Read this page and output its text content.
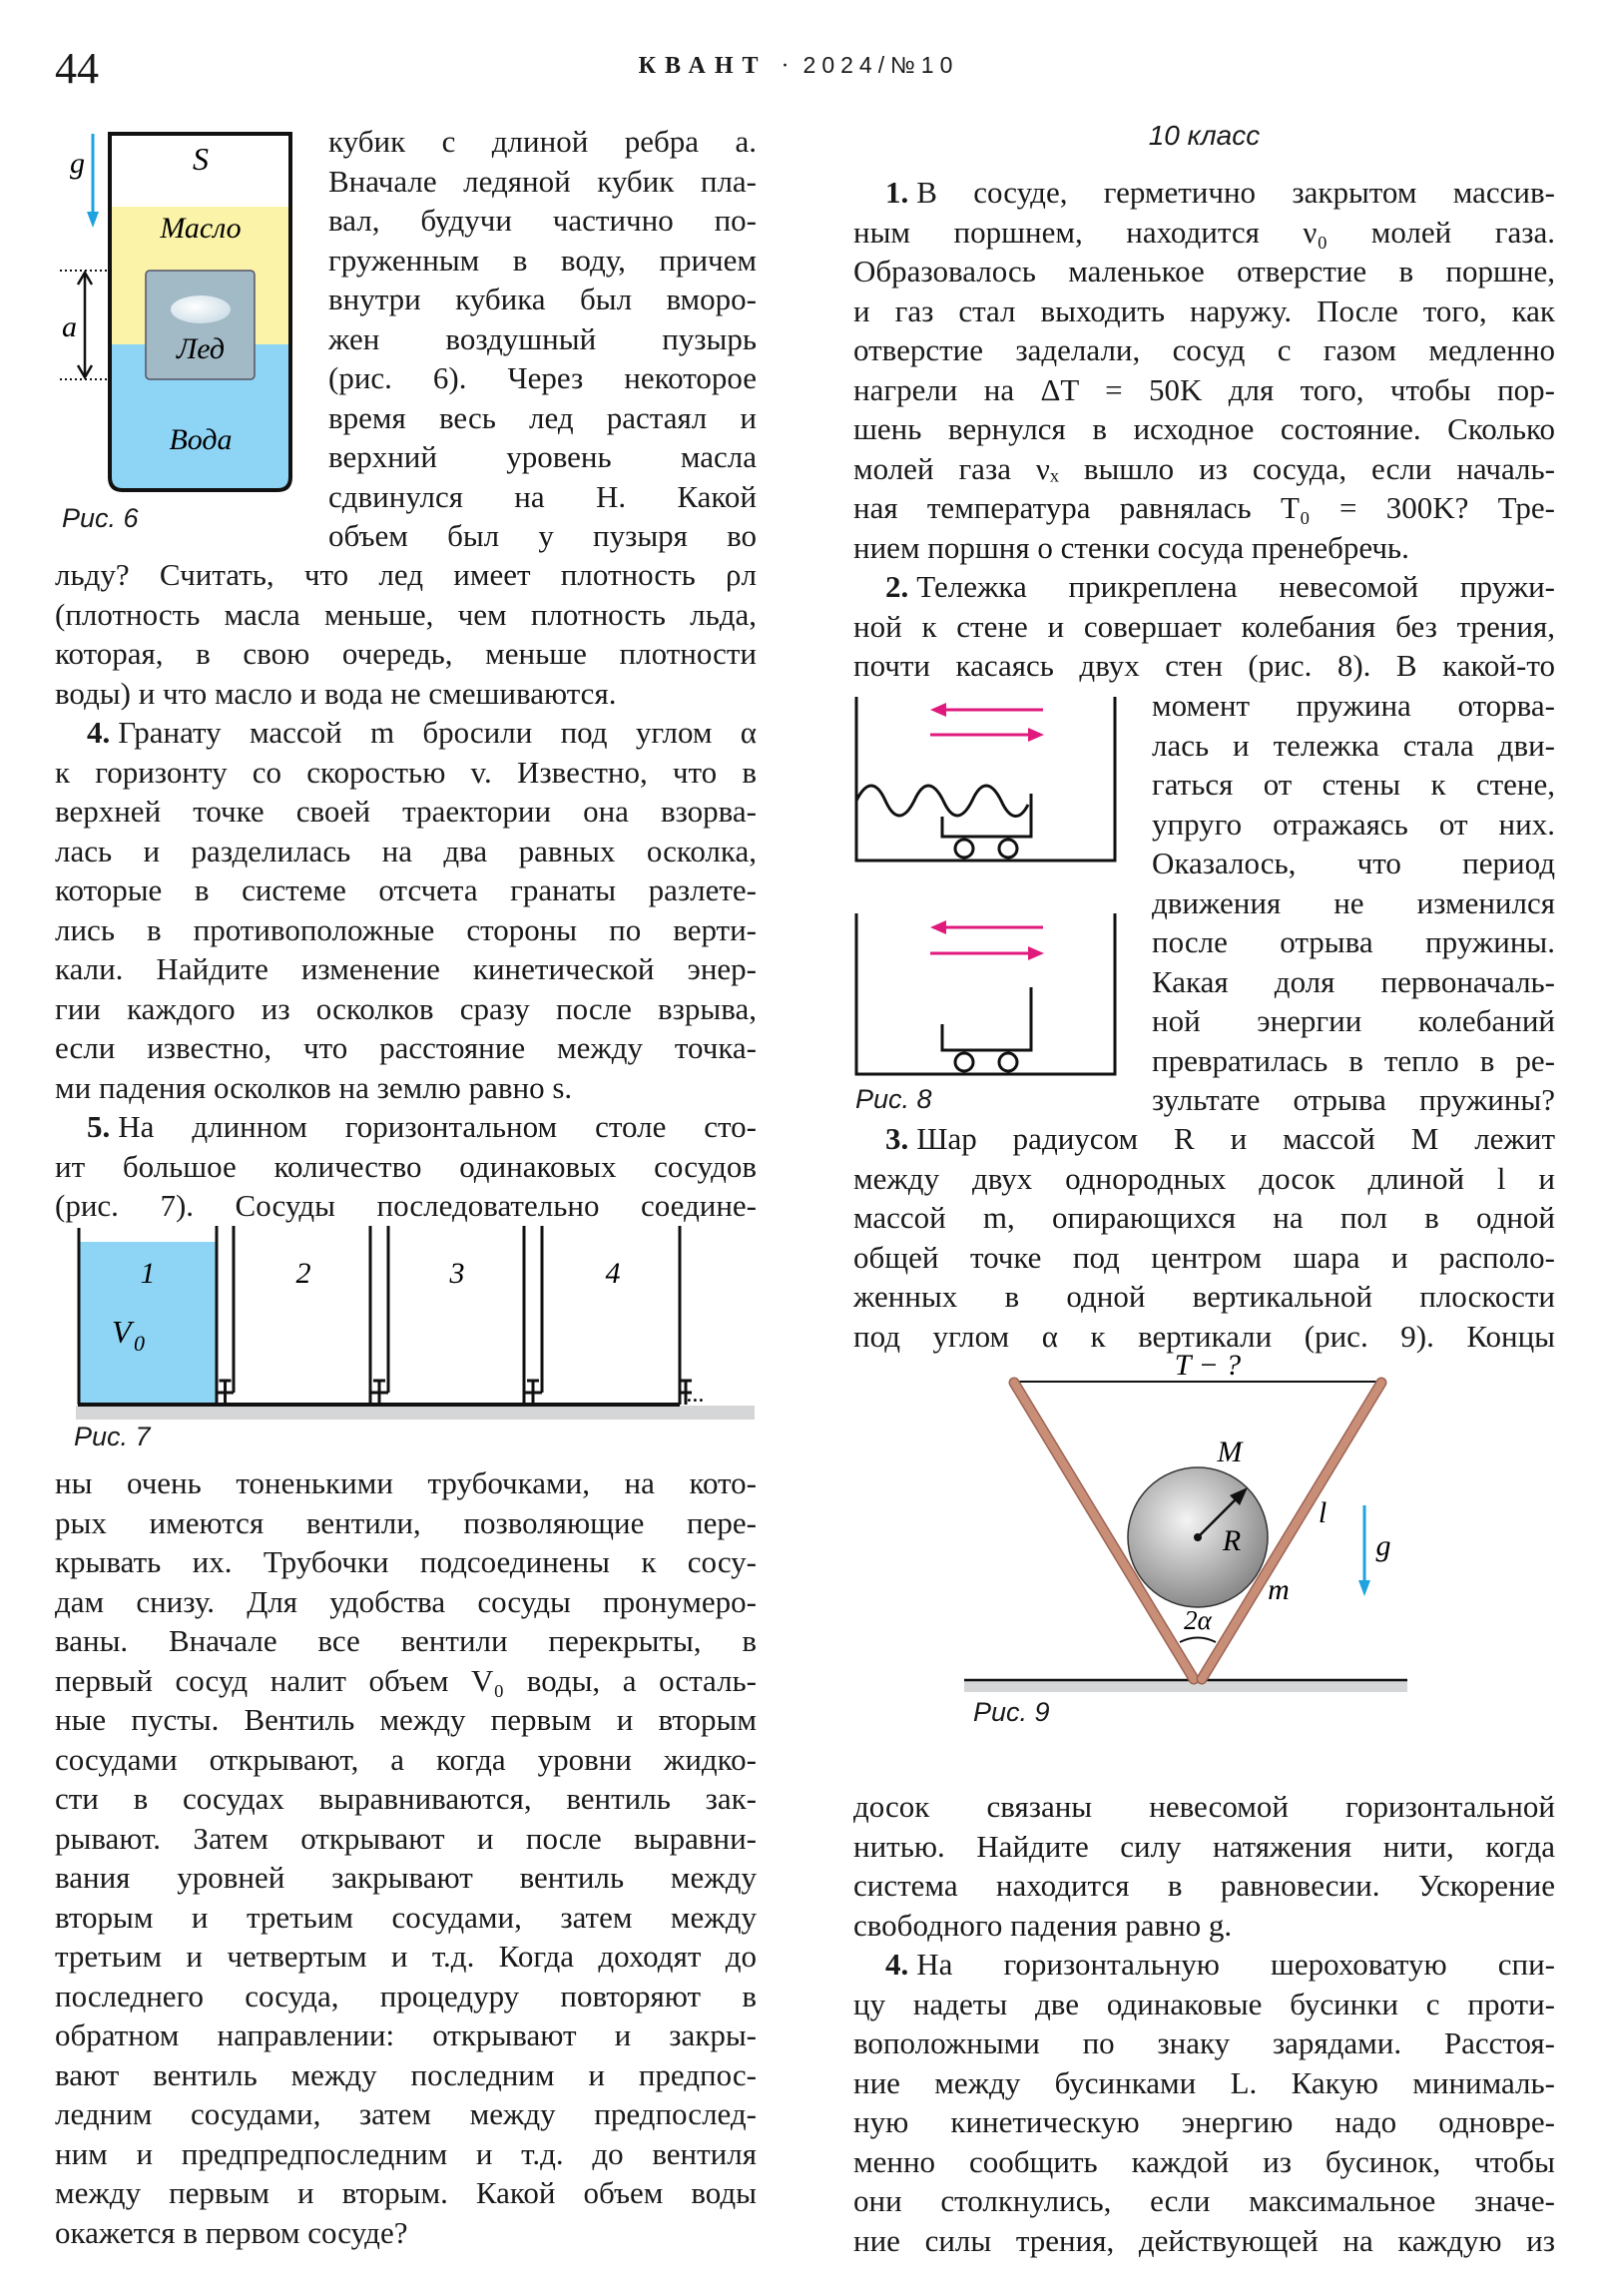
44	КВАНТ · 2024/№10
кубик с длиной ребра a.
Вначале ледяной кубик пла-
вал, будучи частично по-
груженным в воду, причем
внутри кубика был вморо-
жен воздушный пузырь
(рис. 6). Через некоторое
время весь лед растаял и
верхний уровень масла
сдвинулся на H. Какой
объем был у пузыря во
льду? Считать, что лед имеет плотность ρл
(плотность масла меньше, чем плотность льда,
которая, в свою очередь, меньше плотности
воды) и что масло и вода не смешиваются.
4. Гранату массой m бросили под углом α
к горизонту со скоростью v. Известно, что в
верхней точке своей траектории она взорва-
лась и разделилась на два равных осколка,
которые в системе отсчета гранаты разлете-
лись в противоположные стороны по верти-
кали. Найдите изменение кинетической энер-
гии каждого из осколков сразу после взрыва,
если известно, что расстояние между точка-
ми падения осколков на землю равно s.
5. На длинном горизонтальном столе сто-
ит большое количество одинаковых сосудов
(рис. 7). Сосуды последовательно соедине-
ны очень тоненькими трубочками, на кото-
рых имеются вентили, позволяющие пере-
крывать их. Трубочки подсоединены к сосу-
дам снизу. Для удобства сосуды пронумеро-
ваны. Вначале все вентили перекрыты, в
первый сосуд налит объем V₀ воды, а осталь-
ные пусты. Вентиль между первым и вторым
сосудами открывают, а когда уровни жидко-
сти в сосудах выравниваются, вентиль зак-
рывают. Затем открывают и после выравни-
вания уровней закрывают вентиль между
вторым и третьим сосудами, затем между
третьим и четвертым и т.д. Когда доходят до
последнего сосуда, процедуру повторяют в
обратном направлении: открывают и закры-
вают вентиль между последним и предпос-
ледним сосудами, затем между предпослед-
ним и предпредпоследним и т.д. до вентиля
между первым и вторым. Какой объем воды
окажется в первом сосуде?
10 класс
1. В сосуде, герметично закрытом массив-
ным поршнем, находится ν₀ молей газа.
Образовалось маленькое отверстие в поршне,
и газ стал выходить наружу. После того, как
отверстие заделали, сосуд с газом медленно
нагрели на ΔT = 50K для того, чтобы пор-
шень вернулся в исходное состояние. Сколько
молей газа νₓ вышло из сосуда, если началь-
ная температура равнялась T₀ = 300K? Тре-
нием поршня о стенки сосуда пренебречь.
2. Тележка прикреплена невесомой пружи-
ной к стене и совершает колебания без трения,
почти касаясь двух стен (рис. 8). В какой-то
момент пружина оторва-
лась и тележка стала дви-
гаться от стены к стене,
упруго отражаясь от них.
Оказалось, что период
движения не изменился
после отрыва пружины.
Какая доля первоначаль-
ной энергии колебаний
превратилась в тепло в ре-
зультате отрыва пружины?
3. Шар радиусом R и массой M лежит
между двух однородных досок длиной l и
массой m, опирающихся на пол в одной
общей точке под центром шара и располо-
женных в одной вертикальной плоскости
под углом α к вертикали (рис. 9). Концы
досок связаны невесомой горизонтальной
нитью. Найдите силу натяжения нити, когда
система находится в равновесии. Ускорение
свободного падения равно g.
4. На горизонтальную шероховатую спи-
цу надеты две одинаковые бусинки с проти-
воположными по знаку зарядами. Расстоя-
ние между бусинками L. Какую минималь-
ную кинетическую энергию надо одновре-
менно сообщить каждой из бусинок, чтобы
они столкнулись, если максимальное значе-
ние силы трения, действующей на каждую из
g	S
Масло
Лед
Вода
a
Рис. 6
1	2	3	4
V 0
...
Рис. 7
Рис. 8
T − ?
M
R
l
m
g
2α
Рис. 9
